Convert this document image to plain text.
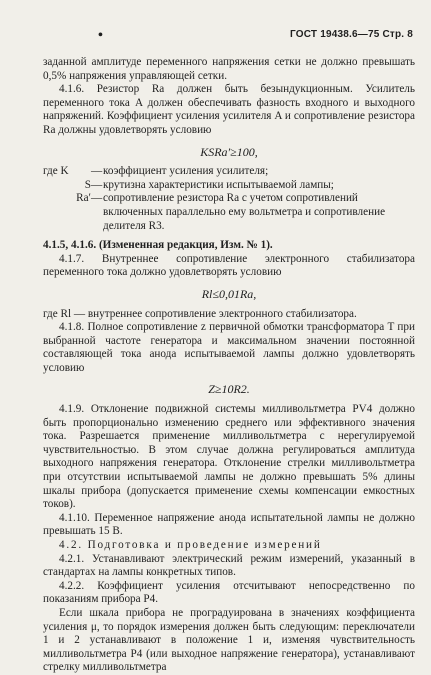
•	ГОСТ 19438.6—75 Стр. 8

заданной амплитуде переменного напряжения сетки не должно превышать 0,5% напряжения управляющей сетки.

4.1.6. Резистор Rа должен быть безындукционным. Усилитель переменного тока A должен обеспечивать фазность входного и выходного напряжений. Коэффициент усиления усилителя A и сопротивление резистора Rа должны удовлетворять условию

KSRа′≥100,

где K	— коэффициент усиления усилителя;
S — крутизна характеристики испытываемой лампы;
Rа′ — сопротивление резистора Rа с учетом сопротивлений включенных параллельно ему вольтметра и сопротивление делителя R3.

4.1.5, 4.1.6. (Измененная редакция, Изм. № 1).

4.1.7. Внутреннее сопротивление электронного стабилизатора переменного тока должно удовлетворять условию

Rl≤0,01Rа,

где Rl — внутреннее сопротивление электронного стабилизатора.

4.1.8. Полное сопротивление z первичной обмотки трансформатора T при выбранной частоте генератора и максимальном значении постоянной составляющей тока анода испытываемой лампы должно удовлетворять условию

Z≥10R2.

4.1.9. Отклонение подвижной системы милливольтметра PV4 должно быть пропорционально изменению среднего или эффективного значения тока. Разрешается применение милливольтметра с нерегулируемой чувствительностью. В этом случае должна регулироваться амплитуда выходного напряжения генератора. Отклонение стрелки милливольтметра при отсутствии испытываемой лампы не должно превышать 5% длины шкалы прибора (допускается применение схемы компенсации емкостных токов).

4.1.10. Переменное напряжение анода испытательной лампы не должно превышать 15 В.

4.2. Подготовка и проведение измерений

4.2.1. Устанавливают электрический режим измерений, указанный в стандартах на лампы конкретных типов.

4.2.2. Коэффициент усиления отсчитывают непосредственно по показаниям прибора P4.

Если шкала прибора не проградуирована в значениях коэффициента усиления μ, то порядок измерения должен быть следующим: переключатели 1 и 2 устанавливают в положение 1 и, изменяя чувствительность милливольтметра P4 (или выходное напряжение генератора), устанавливают стрелку милливольтметра
